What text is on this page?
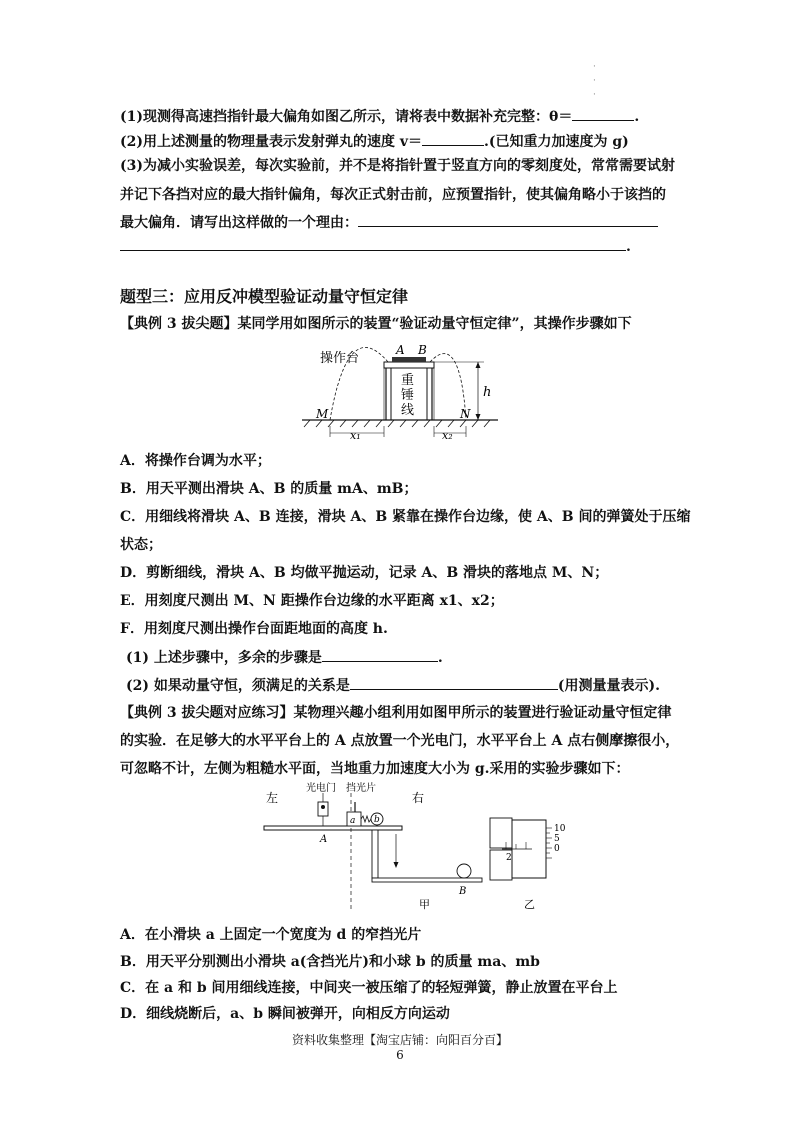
·
·
·
(1)现测得高速挡指针最大偏角如图乙所示，请将表中数据补充完整：θ＝	.
(2)用上述测量的物理量表示发射弹丸的速度 v＝	.(已知重力加速度为 g)
(3)为减小实验误差，每次实验前，并不是将指针置于竖直方向的零刻度处，常常需要试射
并记下各挡对应的最大指针偏角，每次正式射击前，应预置指针，使其偏角略小于该挡的
最大偏角．请写出这样做的一个理由：
.
题型三：应用反冲模型验证动量守恒定律
【典例 3 拔尖题】某同学用如图所示的装置“验证动量守恒定律”，其操作步骤如下
操作台
A B
重
锤
线
h
M	N
x₁	x₂
A．将操作台调为水平；
B．用天平测出滑块 A、B 的质量 mA、mB；
C．用细线将滑块 A、B 连接，滑块 A、B 紧靠在操作台边缘，使 A、B 间的弹簧处于压缩
状态；
D．剪断细线，滑块 A、B 均做平抛运动，记录 A、B 滑块的落地点 M、N；
E．用刻度尺测出 M、N 距操作台边缘的水平距离 x1、x2；
F．用刻度尺测出操作台面距地面的高度 h.
(1) 上述步骤中，多余的步骤是	.
(2) 如果动量守恒，须满足的关系是	(用测量量表示).
【典例 3 拔尖题对应练习】某物理兴趣小组利用如图甲所示的装置进行验证动量守恒定律
的实验．在足够大的水平平台上的 A 点放置一个光电门，水平平台上 A 点右侧摩擦很小，
可忽略不计，左侧为粗糙水平面，当地重力加速度大小为 g.采用的实验步骤如下：
左	右
光电门 挡光片
a b
A
B
甲
10
5
0
2
乙
A．在小滑块 a 上固定一个宽度为 d 的窄挡光片
B．用天平分别测出小滑块 a(含挡光片)和小球 b 的质量 ma、mb
C．在 a 和 b 间用细线连接，中间夹一被压缩了的轻短弹簧，静止放置在平台上
D．细线烧断后，a、b 瞬间被弹开，向相反方向运动
资料收集整理【淘宝店铺：向阳百分百】
6
